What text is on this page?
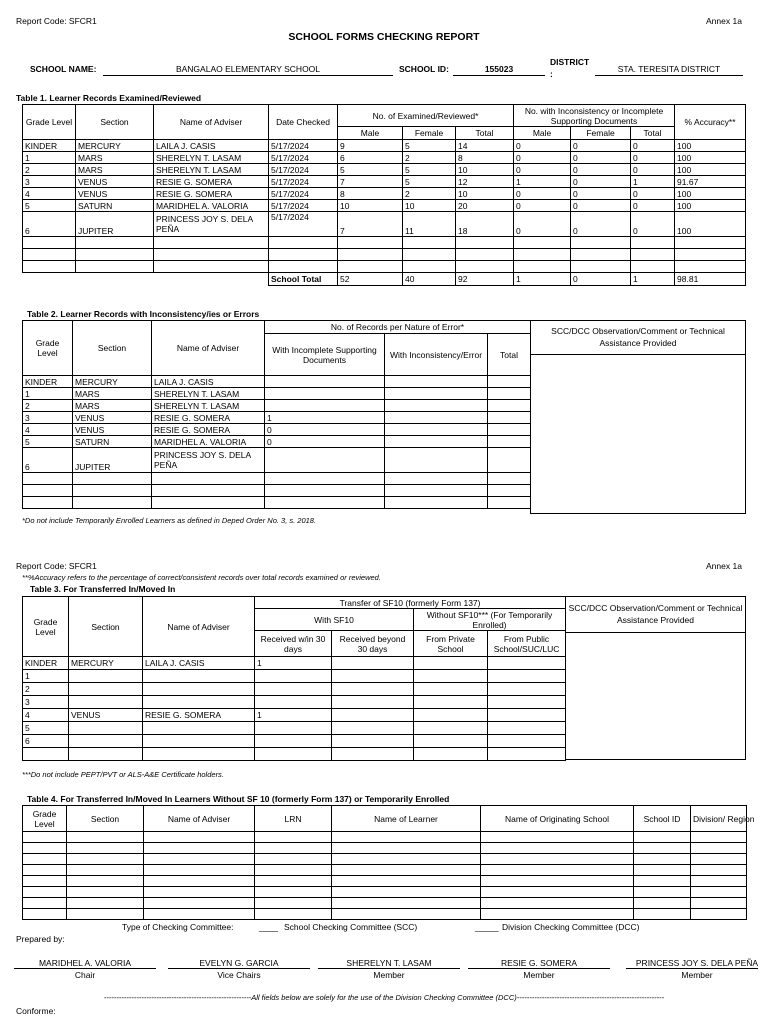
Report Code: SFCR1	Annex 1a
SCHOOL FORMS CHECKING REPORT
SCHOOL NAME:	BANGALAO ELEMENTARY SCHOOL	SCHOOL ID:	155023
DISTRICT
:	STA. TERESITA DISTRICT
Table 1. Learner Records Examined/Reviewed
Grade Level	Section	Name of Adviser	Date Checked	No. of Examined/Reviewed*			No. with Inconsistency or Incomplete Supporting Documents			% Accuracy**
				Male	Female	Total	Male	Female	Total	
KINDER	MERCURY	LAILA J. CASIS	5/17/2024	9	5	14	0	0	0	100
1	MARS	SHERELYN T. LASAM	5/17/2024	6	2	8	0	0	0	100
2	MARS	SHERELYN T. LASAM	5/17/2024	5	5	10	0	0	0	100
3	VENUS	RESIE G. SOMERA	5/17/2024	7	5	12	1	0	1	91.67
4	VENUS	RESIE G. SOMERA	5/17/2024	8	2	10	0	0	0	100
5	SATURN	MARIDHEL A. VALORIA	5/17/2024	10	10	20	0	0	0	100
6	JUPITER	PRINCESS JOY S. DELA PEÑA	5/17/2024	7	11	18	0	0	0	100

			School Total	52	40	92	1	0	1	98.81
Table 2. Learner Records with Inconsistency/ies or Errors
Grade Level	Section	Name of Adviser	No. of Records per Nature of Error*		
			With Incomplete Supporting Documents	With Inconsistency/Error	Total
KINDER	MERCURY	LAILA J. CASIS			
1	MARS	SHERELYN T. LASAM			
2	MARS	SHERELYN T. LASAM			
3	VENUS	RESIE G. SOMERA	1		
4	VENUS	RESIE G. SOMERA	0		
5	SATURN	MARIDHEL A. VALORIA	0		
6	JUPITER	PRINCESS JOY S. DELA PEÑA			

SCC/DCC Observation/Comment or Technical Assistance Provided

*Do not include Temporarily Enrolled Learners as defined in Deped Order No. 3, s. 2018.
Report Code: SFCR1	Annex 1a
**%Accuracy refers to the percentage of correct/consistent records over total records examined or reviewed.
Table 3. For Transferred In/Moved In
Grade Level	Section	Name of Adviser	Transfer of SF10 (formerly Form 137)			
			With SF10		Without SF10*** (For Temporarily Enrolled)	
			Received w/in 30 days	Received beyond 30 days	From Private School	From Public School/SUC/LUC
KINDER	MERCURY	LAILA J. CASIS	1			
1						
2						
3						
4	VENUS	RESIE G. SOMERA	1			
5						
6						

SCC/DCC Observation/Comment or Technical Assistance Provided

***Do not include PEPT/PVT or ALS-A&E Certificate holders.
Table 4. For Transferred In/Moved In Learners Without SF 10 (formerly Form 137) or Temporarily Enrolled
Grade Level	Section	Name of Adviser	LRN	Name of Learner	Name of Originating School	School ID	Division/ Region

Type of Checking Committee:	____ School Checking Committee (SCC)	_____ Division Checking Committee (DCC)
Prepared by:
MARIDHEL A. VALORIA
Chair
EVELYN G. GARCIA
Vice Chairs
SHERELYN T. LASAM
Member
RESIE G. SOMERA
Member
PRINCESS JOY S. DELA PEÑA
Member
-----------------------------------------------------------All fields below are solely for the use of the Division Checking Committee (DCC)-----------------------------------------------------------
Conforme:
